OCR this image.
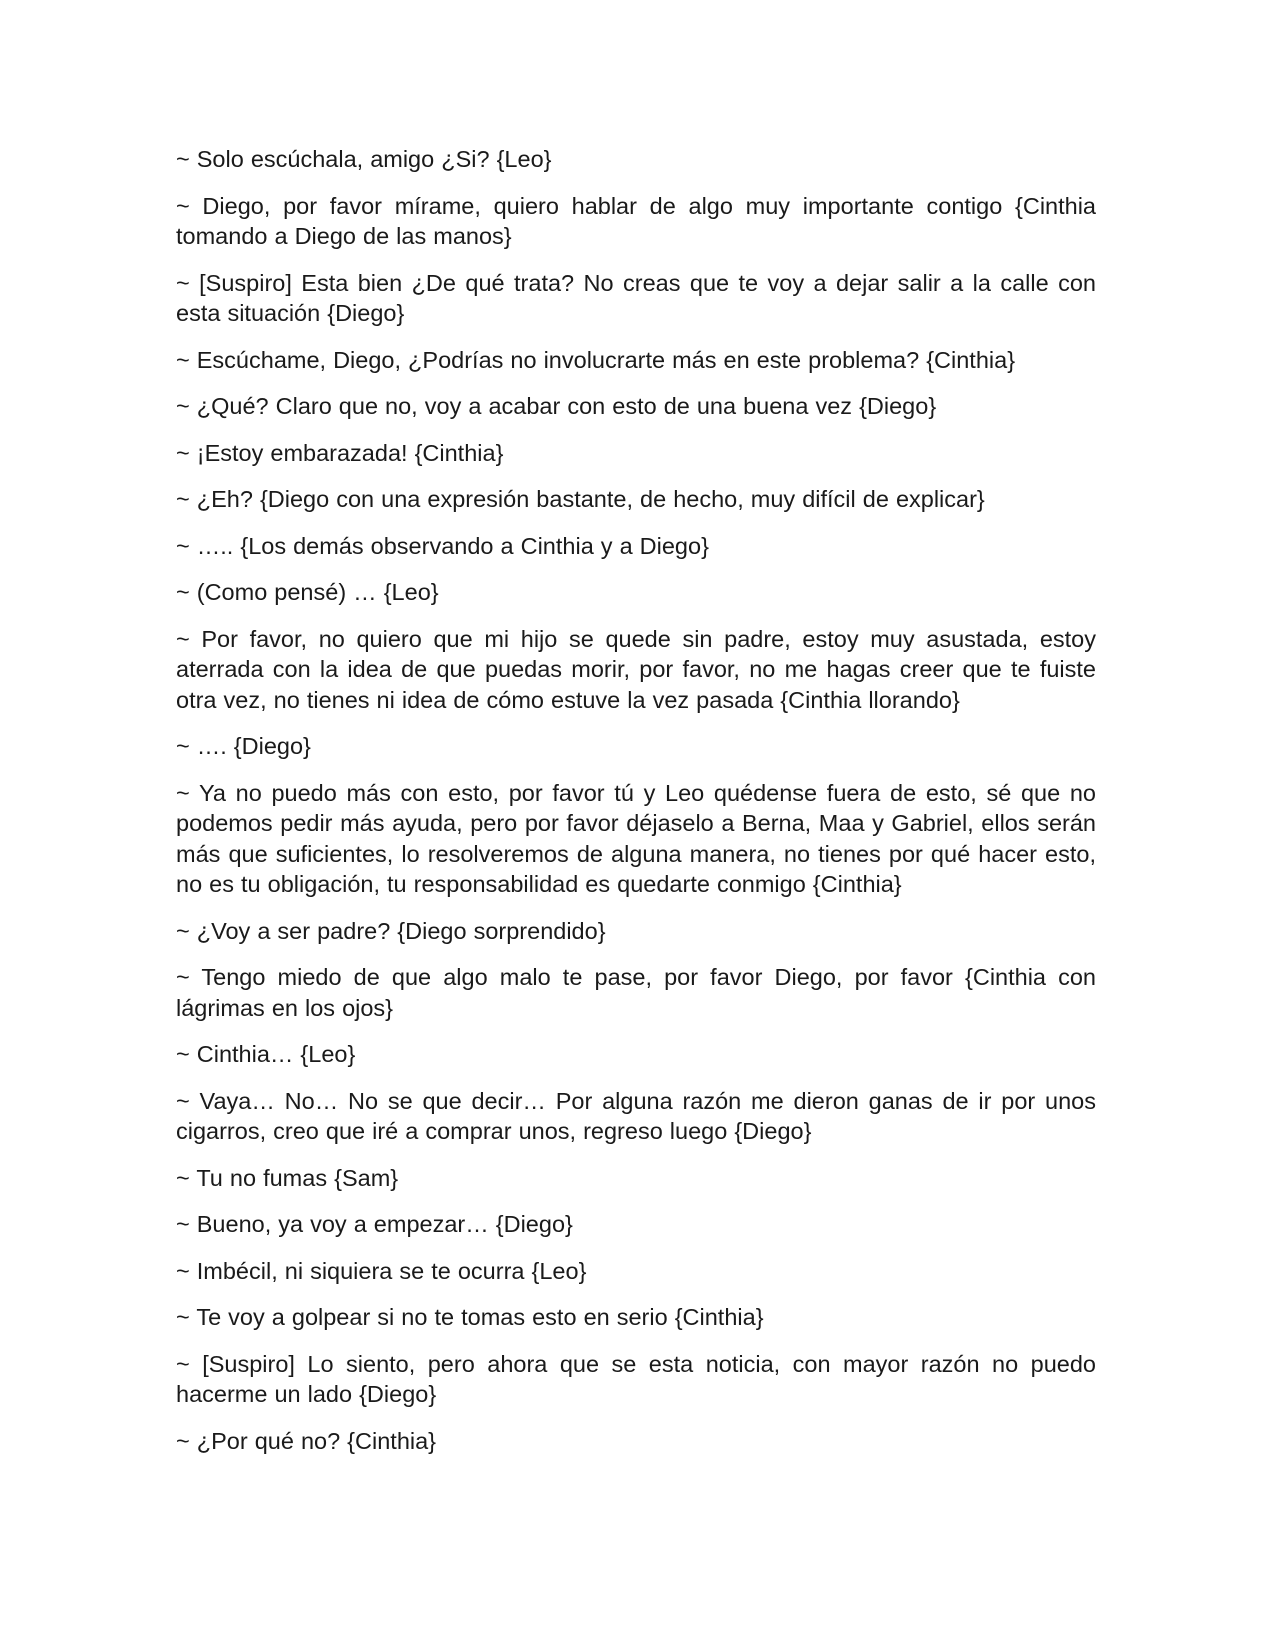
~ Solo escúchala, amigo ¿Si? {Leo}

~ Diego, por favor mírame, quiero hablar de algo muy importante contigo {Cinthia tomando a Diego de las manos}

~ [Suspiro] Esta bien ¿De qué trata? No creas que te voy a dejar salir a la calle con esta situación {Diego}

~ Escúchame, Diego, ¿Podrías no involucrarte más en este problema? {Cinthia}

~ ¿Qué? Claro que no, voy a acabar con esto de una buena vez {Diego}

~ ¡Estoy embarazada! {Cinthia}

~ ¿Eh? {Diego con una expresión bastante, de hecho, muy difícil de explicar}

~ ….. {Los demás observando a Cinthia y a Diego}

~ (Como pensé) … {Leo}

~ Por favor, no quiero que mi hijo se quede sin padre, estoy muy asustada, estoy aterrada con la idea de que puedas morir, por favor, no me hagas creer que te fuiste otra vez, no tienes ni idea de cómo estuve la vez pasada {Cinthia llorando}

~ …. {Diego}

~ Ya no puedo más con esto, por favor tú y Leo quédense fuera de esto, sé que no podemos pedir más ayuda, pero por favor déjaselo a Berna, Maa y Gabriel, ellos serán más que suficientes, lo resolveremos de alguna manera, no tienes por qué hacer esto, no es tu obligación, tu responsabilidad es quedarte conmigo {Cinthia}

~ ¿Voy a ser padre? {Diego sorprendido}

~ Tengo miedo de que algo malo te pase, por favor Diego, por favor {Cinthia con lágrimas en los ojos}

~ Cinthia… {Leo}

~ Vaya… No… No se que decir… Por alguna razón me dieron ganas de ir por unos cigarros, creo que iré a comprar unos, regreso luego {Diego}

~ Tu no fumas {Sam}

~ Bueno, ya voy a empezar… {Diego}

~ Imbécil, ni siquiera se te ocurra {Leo}

~ Te voy a golpear si no te tomas esto en serio {Cinthia}

~ [Suspiro] Lo siento, pero ahora que se esta noticia, con mayor razón no puedo hacerme un lado {Diego}

~ ¿Por qué no? {Cinthia}
